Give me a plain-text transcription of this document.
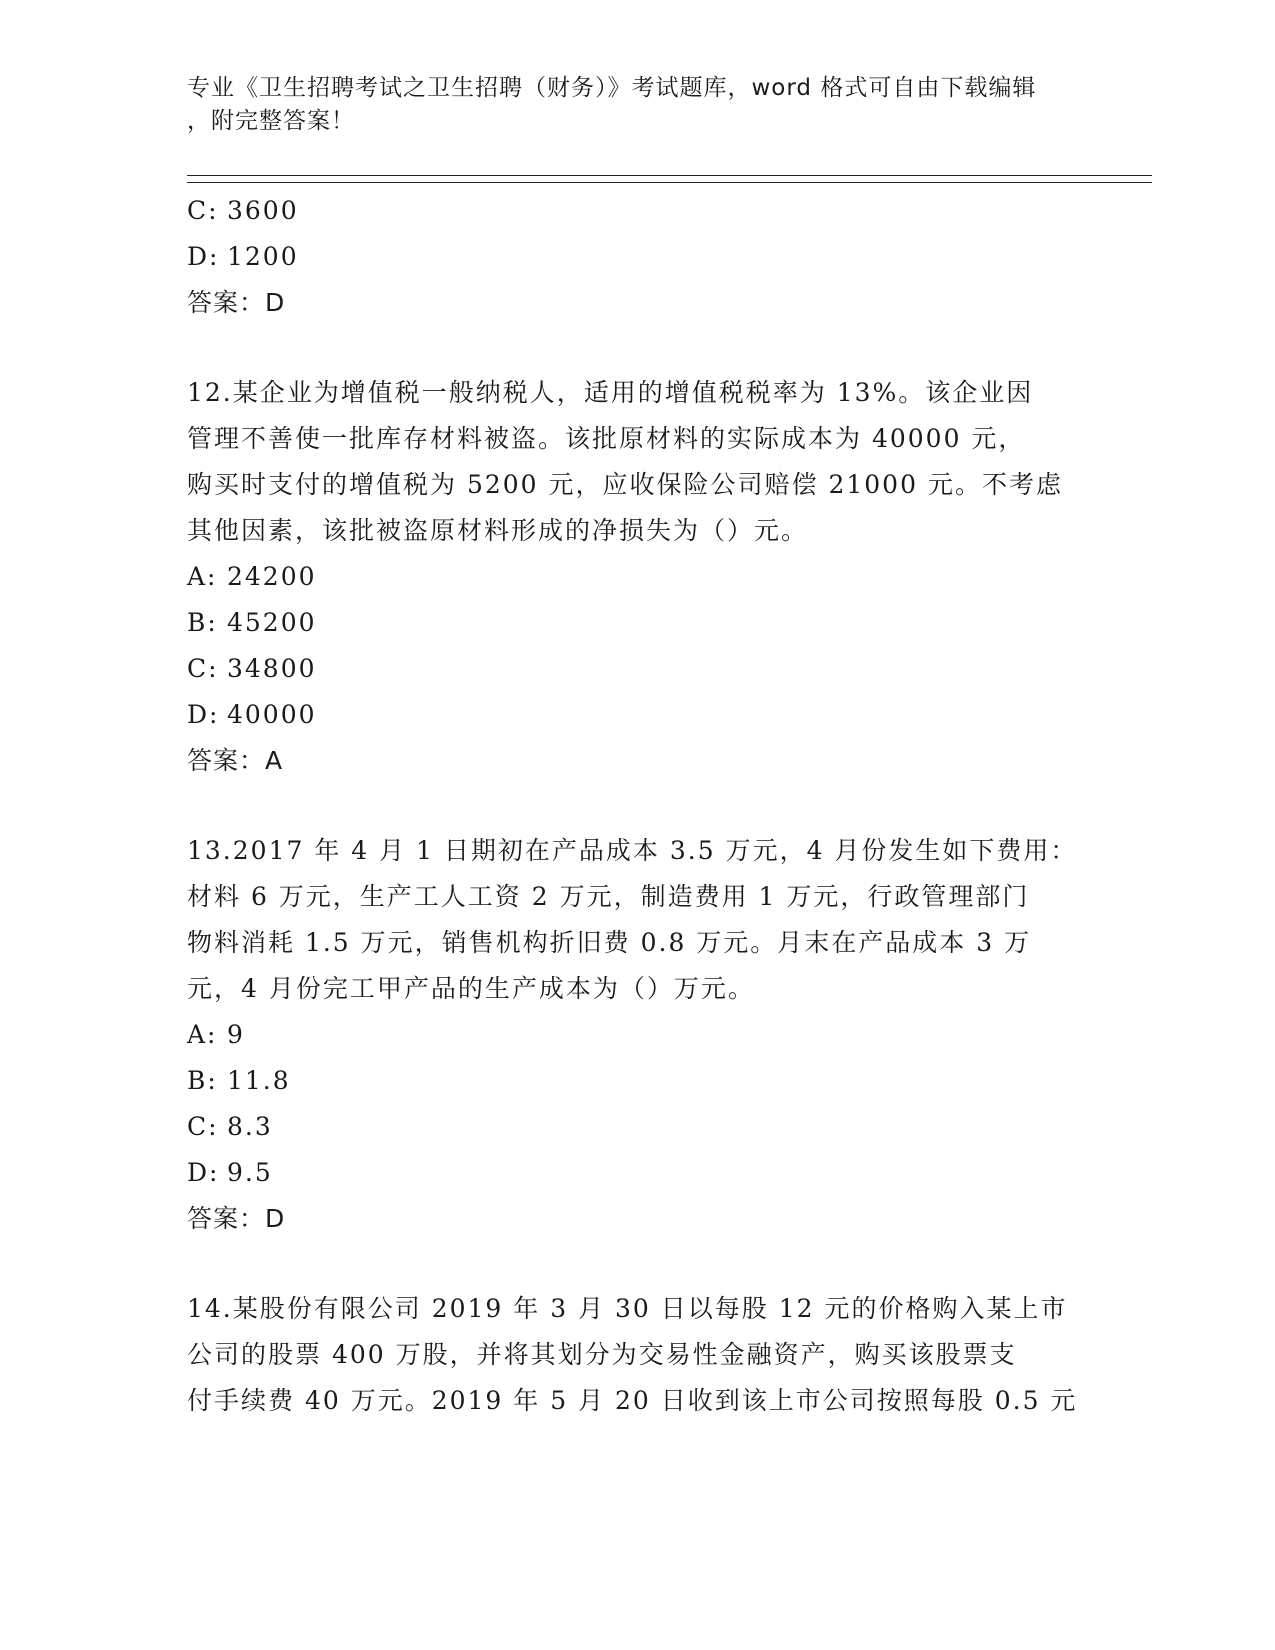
专业《卫生招聘考试之卫生招聘（财务）》考试题库，word 格式可自由下载编辑
，附完整答案！
C: 3600
D: 1200
答案：D
12.某企业为增值税一般纳税人，适用的增值税税率为 13%。该企业因
管理不善使一批库存材料被盗。该批原材料的实际成本为 40000 元，
购买时支付的增值税为 5200 元，应收保险公司赔偿 21000 元。不考虑
其他因素，该批被盗原材料形成的净损失为（）元。
A: 24200
B: 45200
C: 34800
D: 40000
答案：A
13.2017 年 4 月 1 日期初在产品成本 3.5 万元，4 月份发生如下费用：
材料 6 万元，生产工人工资 2 万元，制造费用 1 万元，行政管理部门
物料消耗 1.5 万元，销售机构折旧费 0.8 万元。月末在产品成本 3 万
元，4 月份完工甲产品的生产成本为（）万元。
A: 9
B: 11.8
C: 8.3
D: 9.5
答案：D
14.某股份有限公司 2019 年 3 月 30 日以每股 12 元的价格购入某上市
公司的股票 400 万股，并将其划分为交易性金融资产，购买该股票支
付手续费 40 万元。2019 年 5 月 20 日收到该上市公司按照每股 0.5 元
